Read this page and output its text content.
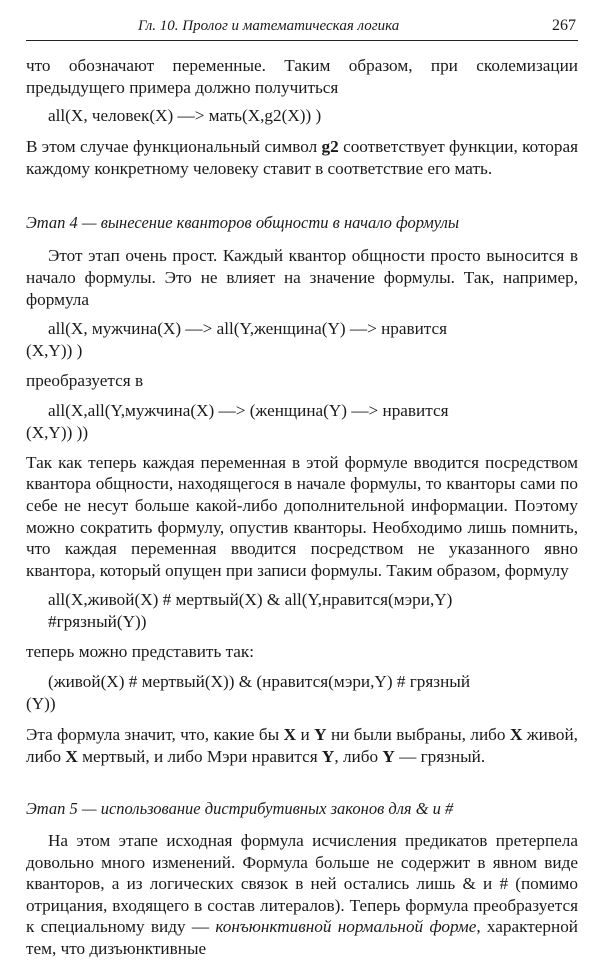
Гл. 10. Пролог и математическая логика	267

что обозначают переменные. Таким образом, при сколемизации предыдущего примера должно получиться

all(X, человек(X) —> мать(X,g2(X)) )

В этом случае функциональный символ g2 соответствует функции, которая каждому конкретному человеку ставит в соответствие его мать.

Этап 4 — вынесение кванторов общности в начало формулы

Этот этап очень прост. Каждый квантор общности просто выносится в начало формулы. Это не влияет на значение формулы. Так, например, формула

all(X, мужчина(X) —> all(Y,женщина(Y) —> нравится

(X,Y)) )

преобразуется в

all(X,all(Y,мужчина(X) —> (женщина(Y) —> нравится

(X,Y)) ))

Так как теперь каждая переменная в этой формуле вводится посредством квантора общности, находящегося в начале формулы, то кванторы сами по себе не несут больше какой-либо дополнительной информации. Поэтому можно сократить формулу, опустив кванторы. Необходимо лишь помнить, что каждая переменная вводится посредством не указанного явно квантора, который опущен при записи формулы. Таким образом, формулу

all(X,живой(X) # мертвый(X) & all(Y,нравится(мэри,Y)

#грязный(Y))

теперь можно представить так:

(живой(X) # мертвый(X)) & (нравится(мэри,Y) # грязный

(Y))

Эта формула значит, что, какие бы X и Y ни были выбраны, либо X живой, либо X мертвый, и либо Мэри нравится Y, либо Y — грязный.

Этап 5 — использование дистрибутивных законов для & и #

На этом этапе исходная формула исчисления предикатов претерпела довольно много изменений. Формула больше не содержит в явном виде кванторов, а из логических связок в ней остались лишь & и # (помимо отрицания, входящего в состав литералов). Теперь формула преобразуется к специальному виду — конъюнктивной нормальной форме, характерной тем, что дизъюнктивные
